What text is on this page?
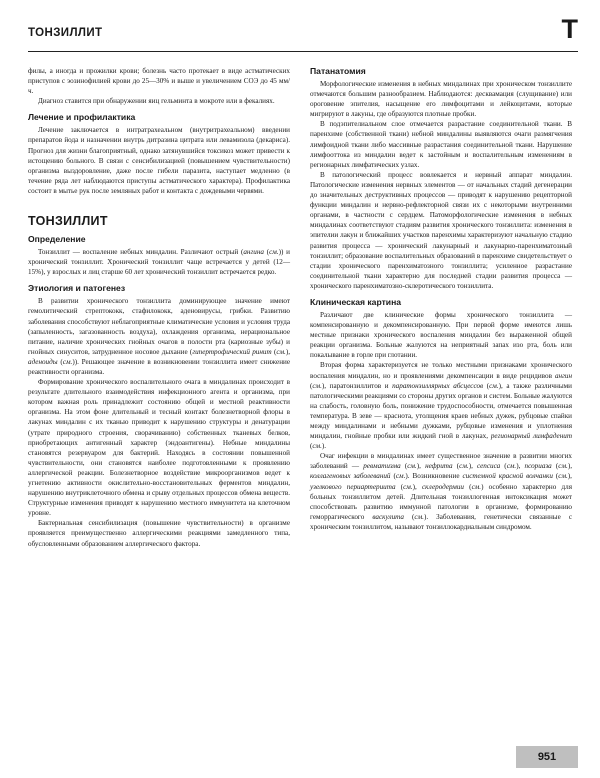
ТОНЗИЛЛИТ	Т

филы, а иногда и прожилки крови; болезнь часто протекает в виде астматических приступов с эозинофилией крови до 25—30% и выше и увеличением СОЭ до 45 мм/ч.

Диагноз ставится при обнаружении яиц гельминта в мокроте или в фекалиях.

Лечение и профилактика

Лечение заключается в интратрахеальном (внутритрахеальном) введении препаратов йода и назначении внутрь дитразина цитрата или левамизола (декариса). Прогноз для жизни благоприятный, однако затянувшийся токсикоз может привести к истощению больного. В связи с сенсибилизацией (повышением чувствительности) организма выздоровление, даже после гибели паразита, наступает медленно (в течение ряда лет наблюдаются приступы астматического характера). Профилактика состоит в мытье рук после земляных работ и контакта с дождевыми червями.

ТОНЗИЛЛИТ
Определение

Тонзиллит — воспаление небных миндалин. Различают острый (ангина (см.)) и хронический тонзиллит. Хронический тонзиллит чаще встречается у детей (12—15%), у взрослых и лиц старше 60 лет хронический тонзиллит встречается редко.

Этиология и патогенез

В развитии хронического тонзиллита доминирующее значение имеют гемолитический стрептококк, стафилококк, аденовирусы, грибки. Развитию заболевания способствуют неблагоприятные климатические условия и условия труда (запыленность, загазованность воздуха), охлаждения организма, нерациональное питание, наличие хронических гнойных очагов в полости рта (кариозные зубы) и гнойных синуситов, затрудненное носовое дыхание (гипертрофический ринит (см.), аденоиды (см.)). Решающее значение в возникновении тонзиллита имеет снижение реактивности организма.

Формирование хронического воспалительного очага в миндалинах происходит в результате длительного взаимодействия инфекционного агента и организма, при котором важная роль принадлежит состоянию общей и местной реактивности организма. На этом фоне длительный и тесный контакт болезнетворной флоры в лакунах миндалин с их тканью приводит к нарушению структуры и денатурации (утрате природного строения, сворачиванию) собственных тканевых белков, приобретающих антигенный характер (эндоантигены). Небные миндалины становятся резервуаром для бактерий. Находясь в состоянии повышенной чувствительности, они становятся наиболее подготовленными к проявлению аллергической реакции. Болезнетворное воздействие микроорганизмов ведет к угнетению активности окислительно-восстановительных ферментов миндалин, нарушению внутриклеточного обмена и срыву отдельных процессов обмена веществ. Структурные изменения приводят к нарушению местного иммунитета на клеточном уровне.

Бактериальная сенсибилизация (повышение чувствительности) в организме проявляется преимущественно аллергическими реакциями замедленного типа, обусловленными образованием аллергического фактора.

Патанатомия

Морфологические изменения в небных миндалинах при хроническом тонзиллите отмечаются большим разнообразием. Наблюдаются: десквамация (слущивание) или ороговение эпителия, насыщение его лимфоцитами и лейкоцитами, которые мигрируют в лакуны, где образуются плотные пробки.

В подэпителиальном слое отмечается разрастание соединительной ткани. В паренхиме (собственной ткани) небной миндалины выявляются очаги размягчения лимфоидной ткани либо массивные разрастания соединительной ткани. Нарушение лимфооттока из миндалин ведет к застойным и воспалительным изменениям в регионарных лимфатических узлах.

В патологический процесс вовлекается и нервный аппарат миндалин. Патологические изменения нервных элементов — от начальных стадий дегенерации до значительных деструктивных процессов — приводят к нарушению рецепторной функции миндалин и нервно-рефлекторной связи их с некоторыми внутренними органами, в частности с сердцем. Патоморфологические изменения в небных миндалинах соответствуют стадиям развития хронического тонзиллита: изменения в эпителии лакун и ближайших участков паренхимы характеризуют начальную стадию развития процесса — хронический лакунарный и лакунарно-паренхиматозный тонзиллит; образование воспалительных образований в паренхиме свидетельствует о стадии хронического паренхиматозного тонзиллита; усиленное разрастание соединительной ткани характерно для последней стадии развития процесса — хронического паренхиматозно-склеротического тонзиллита.

Клиническая картина

Различают две клинические формы хронического тонзиллита — компенсированную и декомпенсированную. При первой форме имеются лишь местные признаки хронического воспаления миндалин без выраженной общей реакции организма. Больные жалуются на неприятный запах изо рта, боль или покалывание в горле при глотании.

Вторая форма характеризуется не только местными признаками хронического воспаления миндалин, но и проявлениями декомпенсации в виде рецидивов ангин (см.), паратонзиллитов и паратонзиллярных абсцессов (см.), а также различными патологическими реакциями со стороны других органов и систем. Больные жалуются на слабость, головную боль, понижение трудоспособности, отмечается повышенная температура. В зеве — краснота, утолщения краев небных дужек, рубцовые спайки между миндалинами и небными дужками, рубцовые изменения и уплотнения миндалин, гнойные пробки или жидкий гной в лакунах, регионарный лимфаденит (см.).

Очаг инфекции в миндалинах имеет существенное значение в развитии многих заболеваний — ревматизма (см.), нефрита (см.), сепсиса (см.), псориаза (см.), коллагеновых заболеваний (см.). Возникновение системной красной волчанки (см.), узелкового периартериита (см.), склеродермии (см.) особенно характерно для больных тонзиллитом детей. Длительная тонзиллогенная интоксикация может способствовать развитию иммунной патологии в организме, формированию геморрагического васкулита (см.). Заболевания, генетически связанные с хроническим тонзиллитом, называют тонзиллокардиальным синдромом.

951
